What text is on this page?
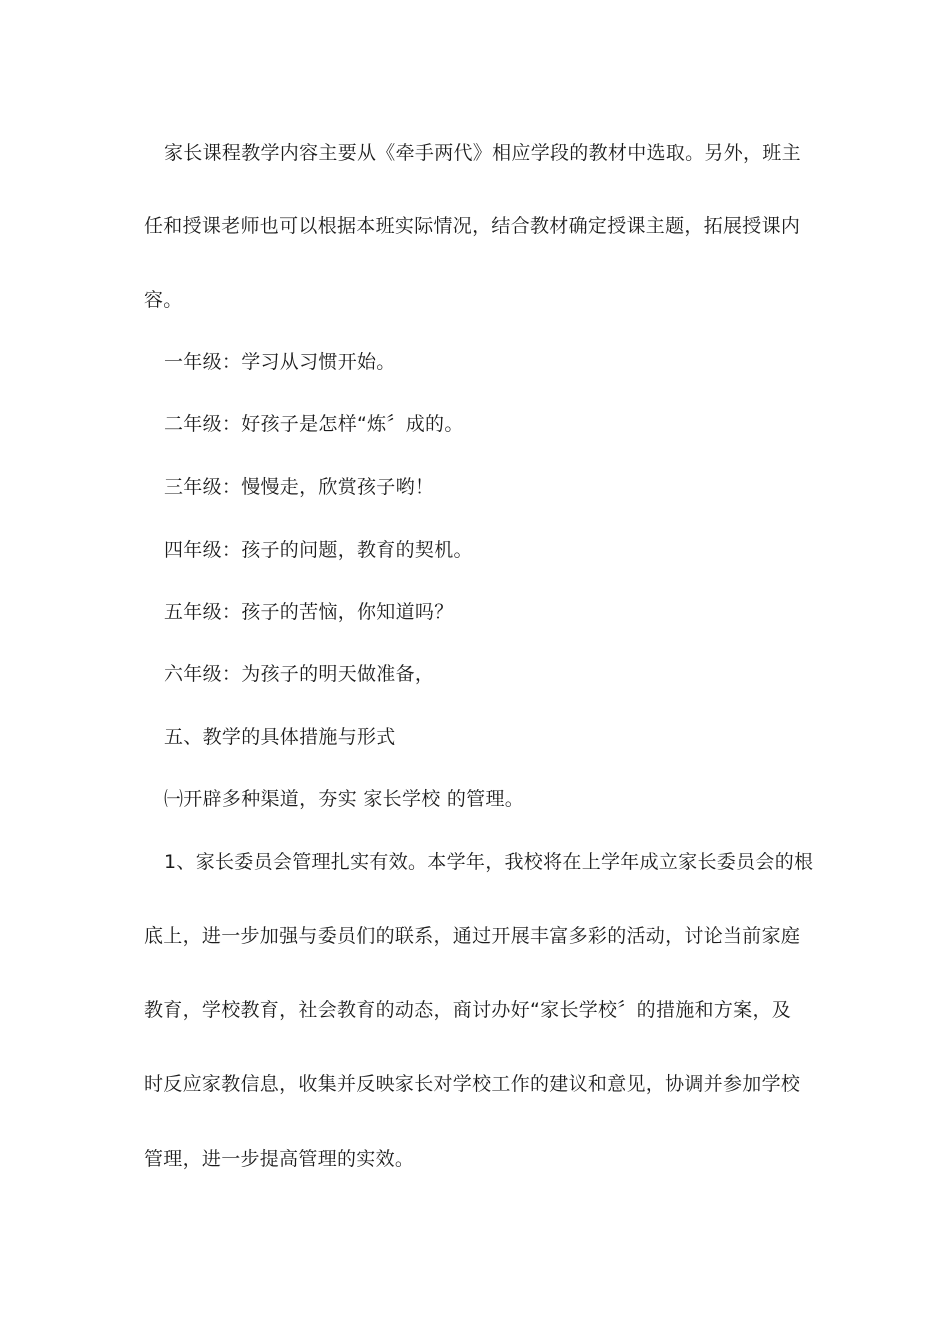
家长课程教学内容主要从《牵手两代》相应学段的教材中选取。另外，班主
任和授课老师也可以根据本班实际情况，结合教材确定授课主题，拓展授课内
容。
一年级：学习从习惯开始。
二年级：好孩子是怎样“炼〞成的。
三年级：慢慢走，欣赏孩子哟！
四年级：孩子的问题，教育的契机。
五年级：孩子的苦恼，你知道吗？
六年级：为孩子的明天做准备，
五、教学的具体措施与形式
㈠开辟多种渠道，夯实 家长学校 的管理。
1、家长委员会管理扎实有效。本学年，我校将在上学年成立家长委员会的根
底上，进一步加强与委员们的联系，通过开展丰富多彩的活动，讨论当前家庭
教育，学校教育，社会教育的动态，商讨办好“家长学校〞的措施和方案，及
时反应家教信息，收集并反映家长对学校工作的建议和意见，协调并参加学校
管理，进一步提高管理的实效。
